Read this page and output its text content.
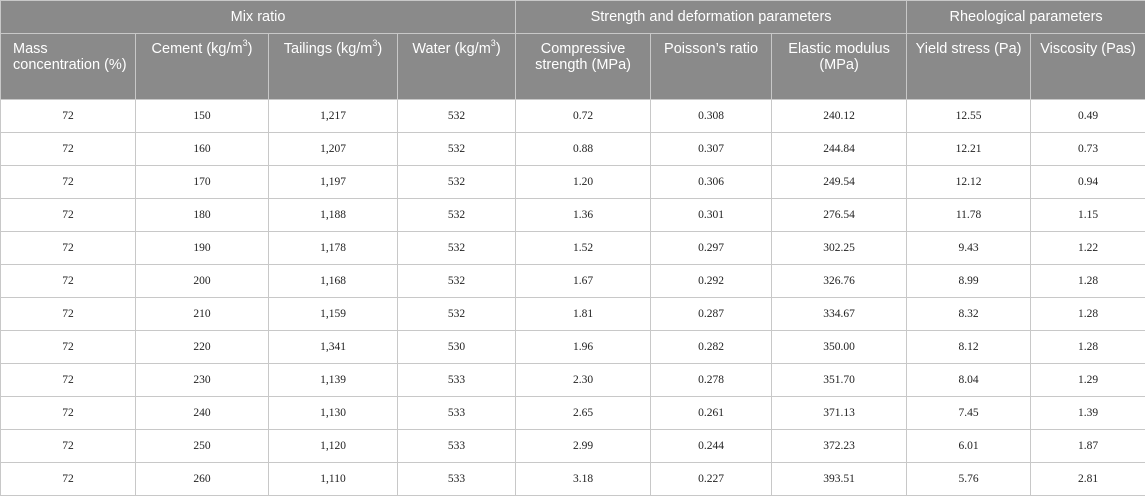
Mix ratio				Strength and deformation parameters			Rheological parameters	
Mass concentration (%)	Cement $(kg/m^3)$	Tailings $(kg/m^3)$	Water $(kg/m^3)$	Compressive strength (MPa)	Poisson’s ratio	Elastic modulus (MPa)	Yield stress (Pa)	Viscosity (Pas)
72	150	1,217	532	0.72	0.308	240.12	12.55	0.49
72	160	1,207	532	0.88	0.307	244.84	12.21	0.73
72	170	1,197	532	1.20	0.306	249.54	12.12	0.94
72	180	1,188	532	1.36	0.301	276.54	11.78	1.15
72	190	1,178	532	1.52	0.297	302.25	9.43	1.22
72	200	1,168	532	1.67	0.292	326.76	8.99	1.28
72	210	1,159	532	1.81	0.287	334.67	8.32	1.28
72	220	1,341	530	1.96	0.282	350.00	8.12	1.28
72	230	1,139	533	2.30	0.278	351.70	8.04	1.29
72	240	1,130	533	2.65	0.261	371.13	7.45	1.39
72	250	1,120	533	2.99	0.244	372.23	6.01	1.87
72	260	1,110	533	3.18	0.227	393.51	5.76	2.81
